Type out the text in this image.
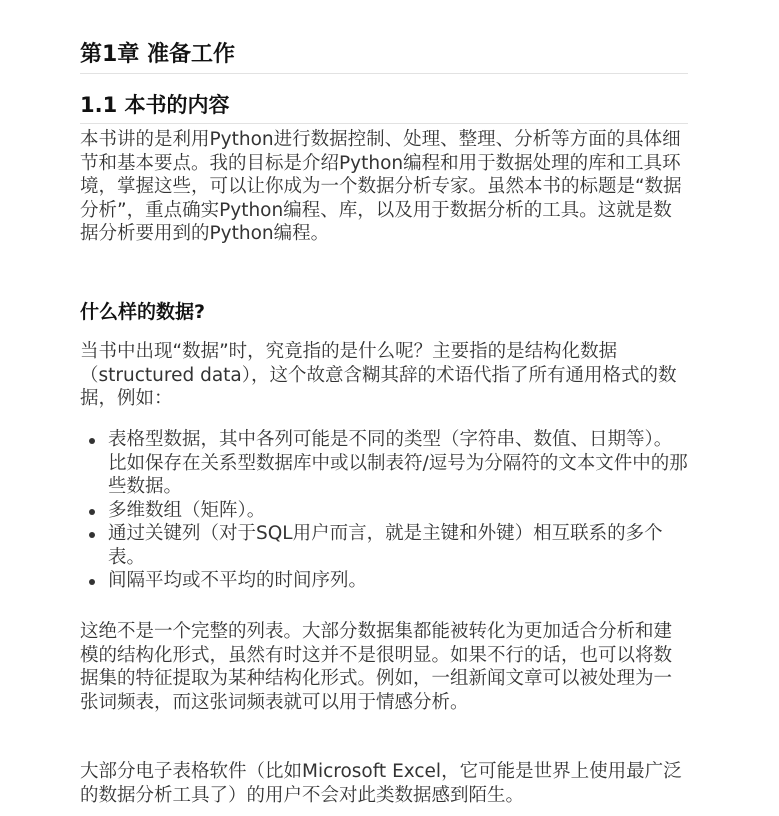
第1章 准备工作
1.1 本书的内容

本书讲的是利用Python进行数据控制、处理、整理、分析等方面的具体细节和基本要点。我的目标是介绍Python编程和用于数据处理的库和工具环境，掌握这些，可以让你成为一个数据分析专家。虽然本书的标题是“数据分析”，重点确实Python编程、库，以及用于数据分析的工具。这就是数据分析要用到的Python编程。

什么样的数据?

当书中出现“数据”时，究竟指的是什么呢？主要指的是结构化数据（structured data），这个故意含糊其辞的术语代指了所有通用格式的数据，例如：

表格型数据，其中各列可能是不同的类型（字符串、数值、日期等）。比如保存在关系型数据库中或以制表符/逗号为分隔符的文本文件中的那些数据。
多维数组（矩阵）。
通过关键列（对于SQL用户而言，就是主键和外键）相互联系的多个表。
间隔平均或不平均的时间序列。

这绝不是一个完整的列表。大部分数据集都能被转化为更加适合分析和建模的结构化形式，虽然有时这并不是很明显。如果不行的话，也可以将数据集的特征提取为某种结构化形式。例如，一组新闻文章可以被处理为一张词频表，而这张词频表就可以用于情感分析。

大部分电子表格软件（比如Microsoft Excel，它可能是世界上使用最广泛的数据分析工具了）的用户不会对此类数据感到陌生。
